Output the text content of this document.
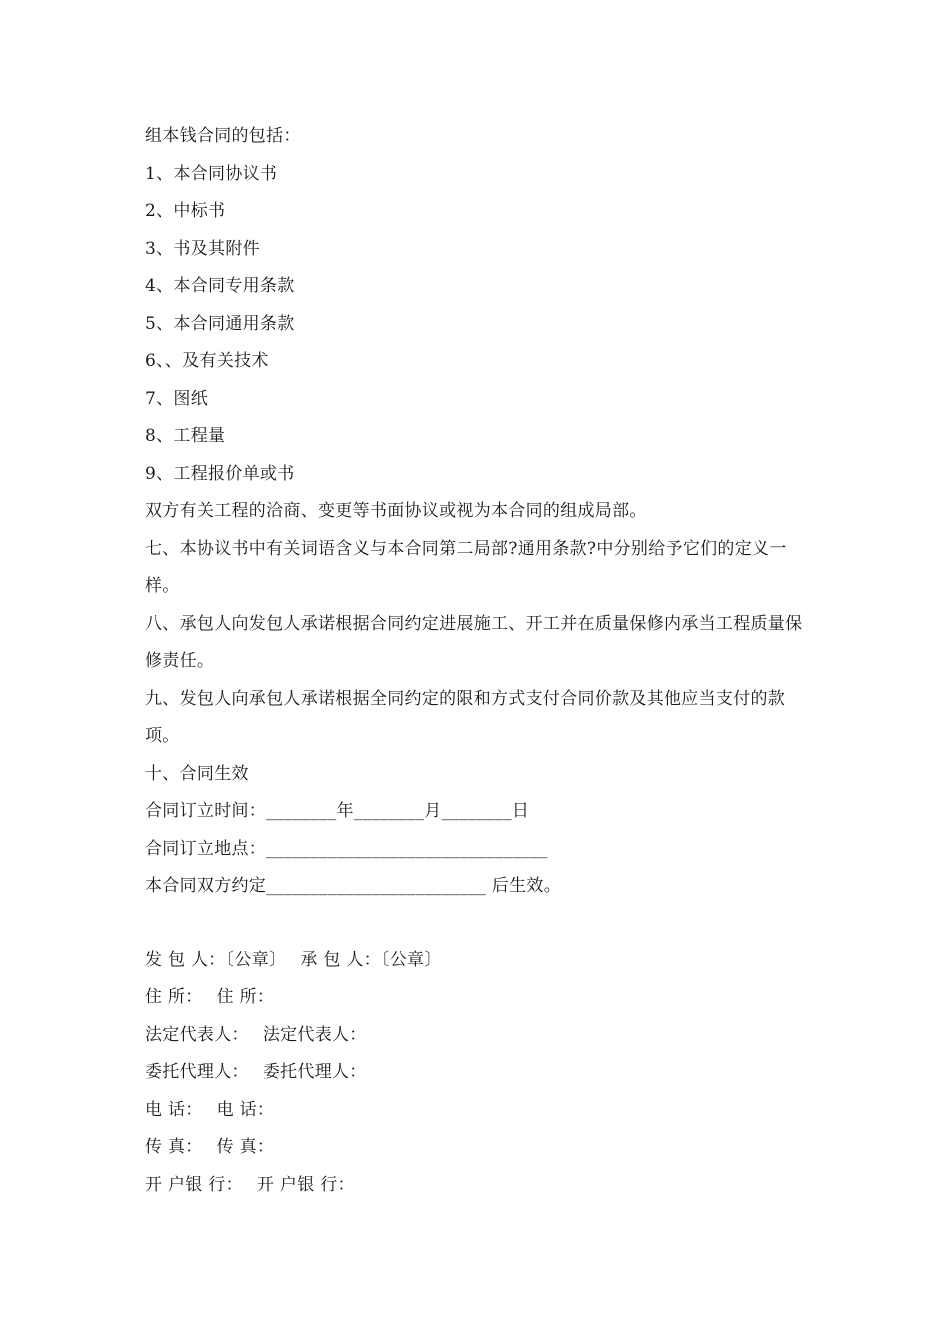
组本钱合同的包括：
1、本合同协议书
2、中标书
3、书及其附件
4、本合同专用条款
5、本合同通用条款
6、、及有关技术
7、图纸
8、工程量
9、工程报价单或书
双方有关工程的洽商、变更等书面协议或视为本合同的组成局部。
七、本协议书中有关词语含义与本合同第二局部?通用条款?中分别给予它们的定义一样。
八、承包人向发包人承诺根据合同约定进展施工、开工并在质量保修内承当工程质量保修责任。
九、发包人向承包人承诺根据全同约定的限和方式支付合同价款及其他应当支付的款项。
十、合同生效
合同订立时间：________年________月________日
合同订立地点：________________________________
本合同双方约定_________________________ 后生效。
发 包 人：〔公章〕 承 包 人：〔公章〕
住 所： 住 所：
法定代表人： 法定代表人：
委托代理人： 委托代理人：
电 话： 电 话：
传 真： 传 真：
开 户银 行： 开 户银 行：
